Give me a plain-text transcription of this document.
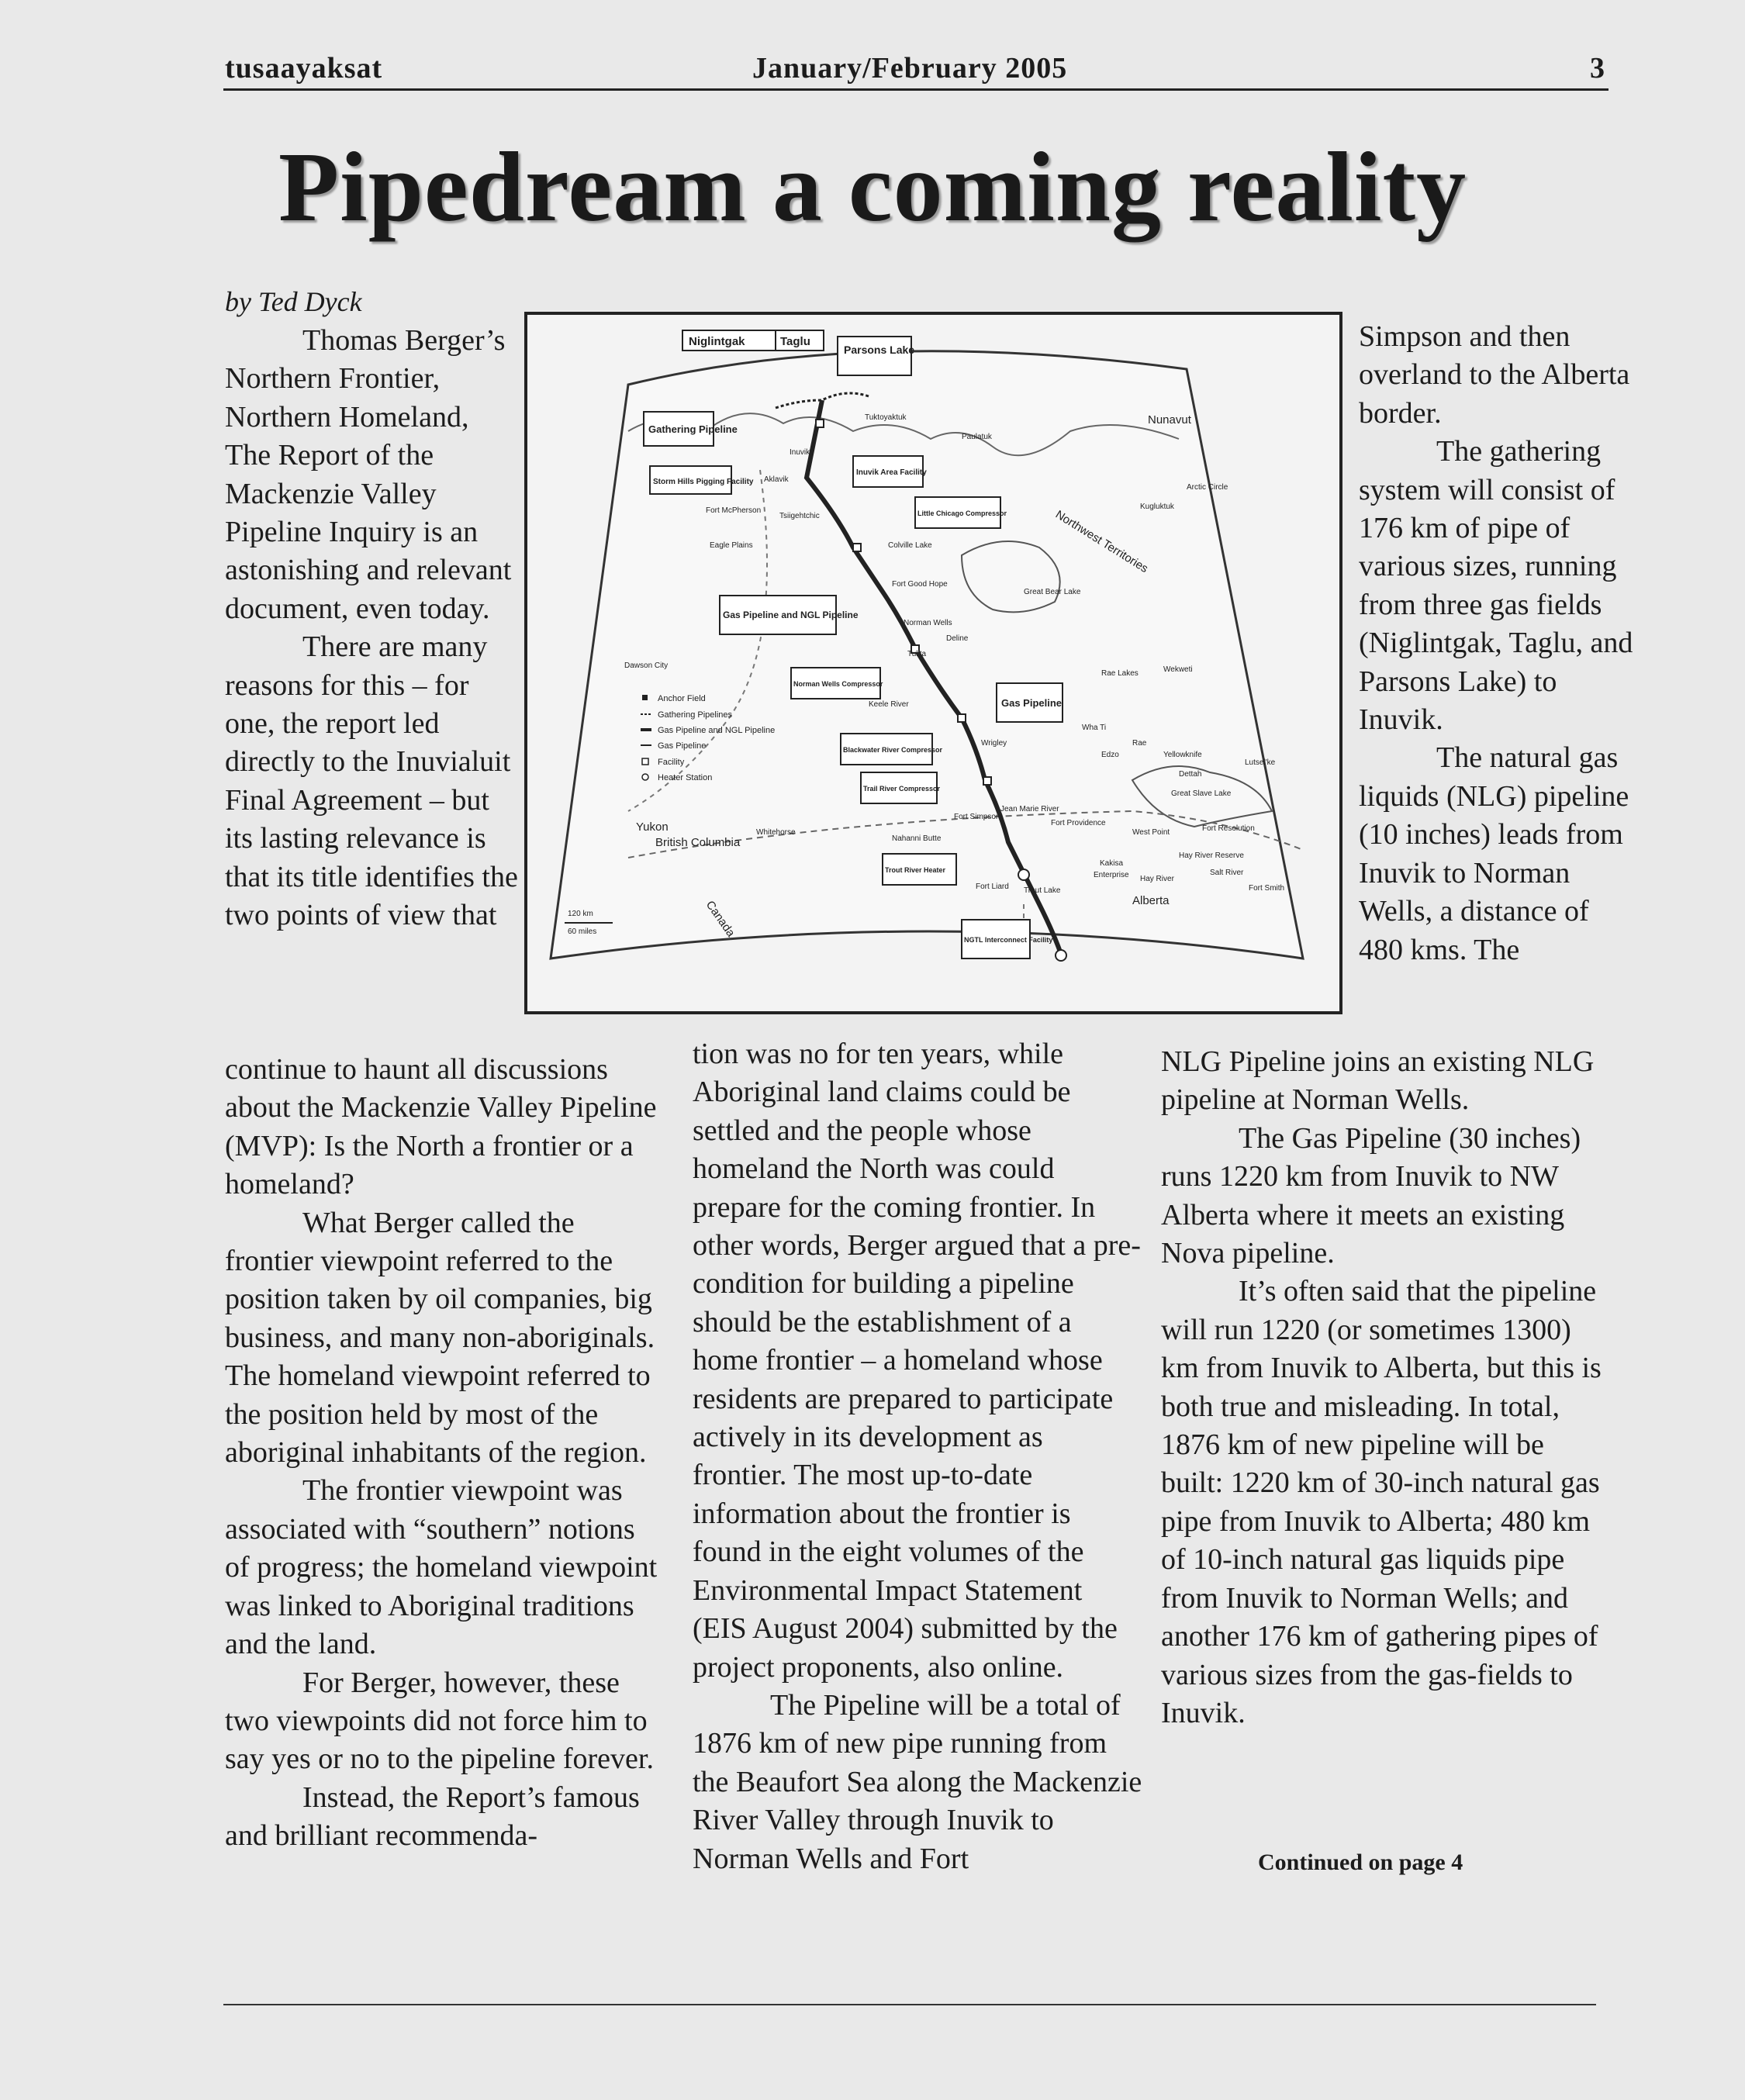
tusaayaksat	January/February 2005	3
Pipedream a coming reality
by Ted Dyck

Thomas Berger’s Northern Frontier, Northern Homeland, The Report of the Mackenzie Valley Pipeline Inquiry is an astonishing and relevant document, even today.

There are many reasons for this – for one, the report led directly to the Inuvialuit Final Agreement – but its lasting relevance is that its title identifies the two points of view that

continue to haunt all discussions about the Mackenzie Valley Pipeline (MVP): Is the North a frontier or a homeland?

What Berger called the frontier viewpoint referred to the position taken by oil companies, big business, and many non-aboriginals. The homeland viewpoint referred to the position held by most of the aboriginal inhabitants of the region.

The frontier viewpoint was associated with “southern” notions of progress; the homeland viewpoint was linked to Aboriginal traditions and the land.

For Berger, however, these two viewpoints did not force him to say yes or no to the pipeline forever.

Instead, the Report’s famous and brilliant recommenda-

tion was no for ten years, while Aboriginal land claims could be settled and the people whose homeland the North was could prepare for the coming frontier. In other words, Berger argued that a pre-condition for building a pipeline should be the establishment of a home frontier – a homeland whose residents are prepared to participate actively in its development as frontier. The most up-to-date information about the frontier is found in the eight volumes of the Environmental Impact Statement (EIS August 2004) submitted by the project proponents, also online.

The Pipeline will be a total of 1876 km of new pipe running from the Beaufort Sea along the Mackenzie River Valley through Inuvik to Norman Wells and Fort

Simpson and then overland to the Alberta border.

The gathering system will consist of 176 km of pipe of various sizes, running from three gas fields (Niglintgak, Taglu, and Parsons Lake) to Inuvik.

The natural gas liquids (NLG) pipeline (10 inches) leads from Inuvik to Norman Wells, a distance of 480 kms. The

NLG Pipeline joins an existing NLG pipeline at Norman Wells.

The Gas Pipeline (30 inches) runs 1220 km from Inuvik to NW Alberta where it meets an existing Nova pipeline.

It’s often said that the pipeline will run 1220 (or sometimes 1300) km from Inuvik to Alberta, but this is both true and misleading. In total, 1876 km of new pipeline will be built: 1220 km of 30-inch natural gas pipe from Inuvik to Alberta; 480 km of 10-inch natural gas liquids pipe from Inuvik to Norman Wells; and another 176 km of gathering pipes of various sizes from the gas-fields to Inuvik.

Continued on page 4
Niglintgak	Taglu
Parsons Lake
Gathering Pipeline
Storm Hills Pigging Facility
Inuvik Area Facility
Little Chicago Compressor
Gas Pipeline and NGL Pipeline
Norman Wells Compressor
Gas Pipeline
Blackwater River Compressor
Trail River Compressor
Trout River Heater
NGTL Interconnect Facility
Tuktoyaktuk
Paulatuk
Inuvik
Aklavik
Fort McPherson
Tsiigehtchic
Eagle Plains	Colville Lake
Fort Good Hope
Norman Wells
Deline
Tulita
Great Bear Lake
Keele River
Wrigley
Fort Simpson
Nahanni Butte
Fort Liard Trout Lake
Jean Marie River
Fort Providence
West Point
Kakisa
Enterprise Hay River
Hay River Reserve
Salt River
Fort Smith
Fort Resolution
Yellowknife
Dettah
Lutsel'ke
Great Slave Lake
Rae Lakes	Wekweti
Wha Ti
Rae
Edzo
Dawson City
Whitehorse
Kugluktuk
Arctic Circle
Nunavut
Northwest Territories
Yukon
British Columbia
Alberta
Canada
Anchor Field
Gathering Pipelines
Gas Pipeline and NGL Pipeline
Gas Pipeline
Facility
Heater Station
120 km
60 miles
